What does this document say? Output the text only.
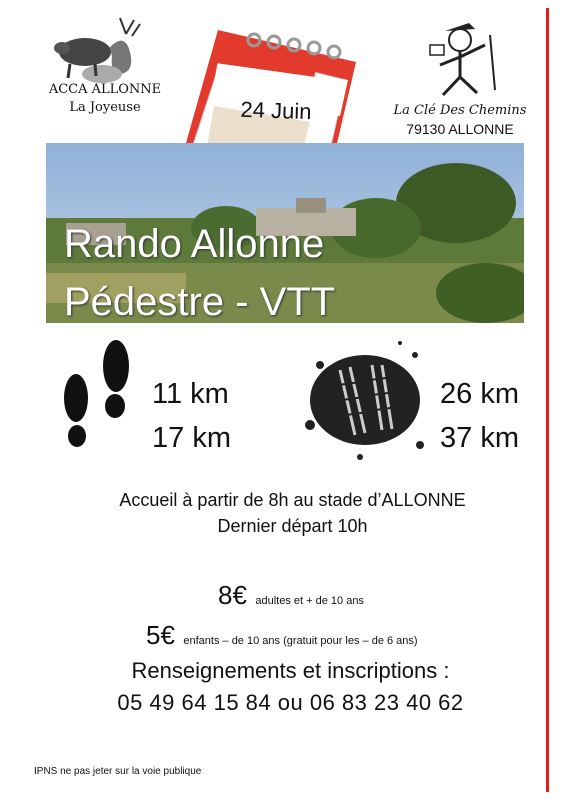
ACCA ALLONNE
La Joyeuse	24 Juin	La Clé Des Chemins
79130 ALLONNE
Rando Allonne
Pédestre - VTT
11 km
17 km
26 km
37 km
Accueil à partir de 8h au stade d’ALLONNE
Dernier départ 10h
8€ adultes et + de 10 ans
5€ enfants – de 10 ans (gratuit pour les – de 6 ans)
Renseignements et inscriptions :
05 49 64 15 84 ou 06 83 23 40 62
IPNS ne pas jeter sur la voie publique
